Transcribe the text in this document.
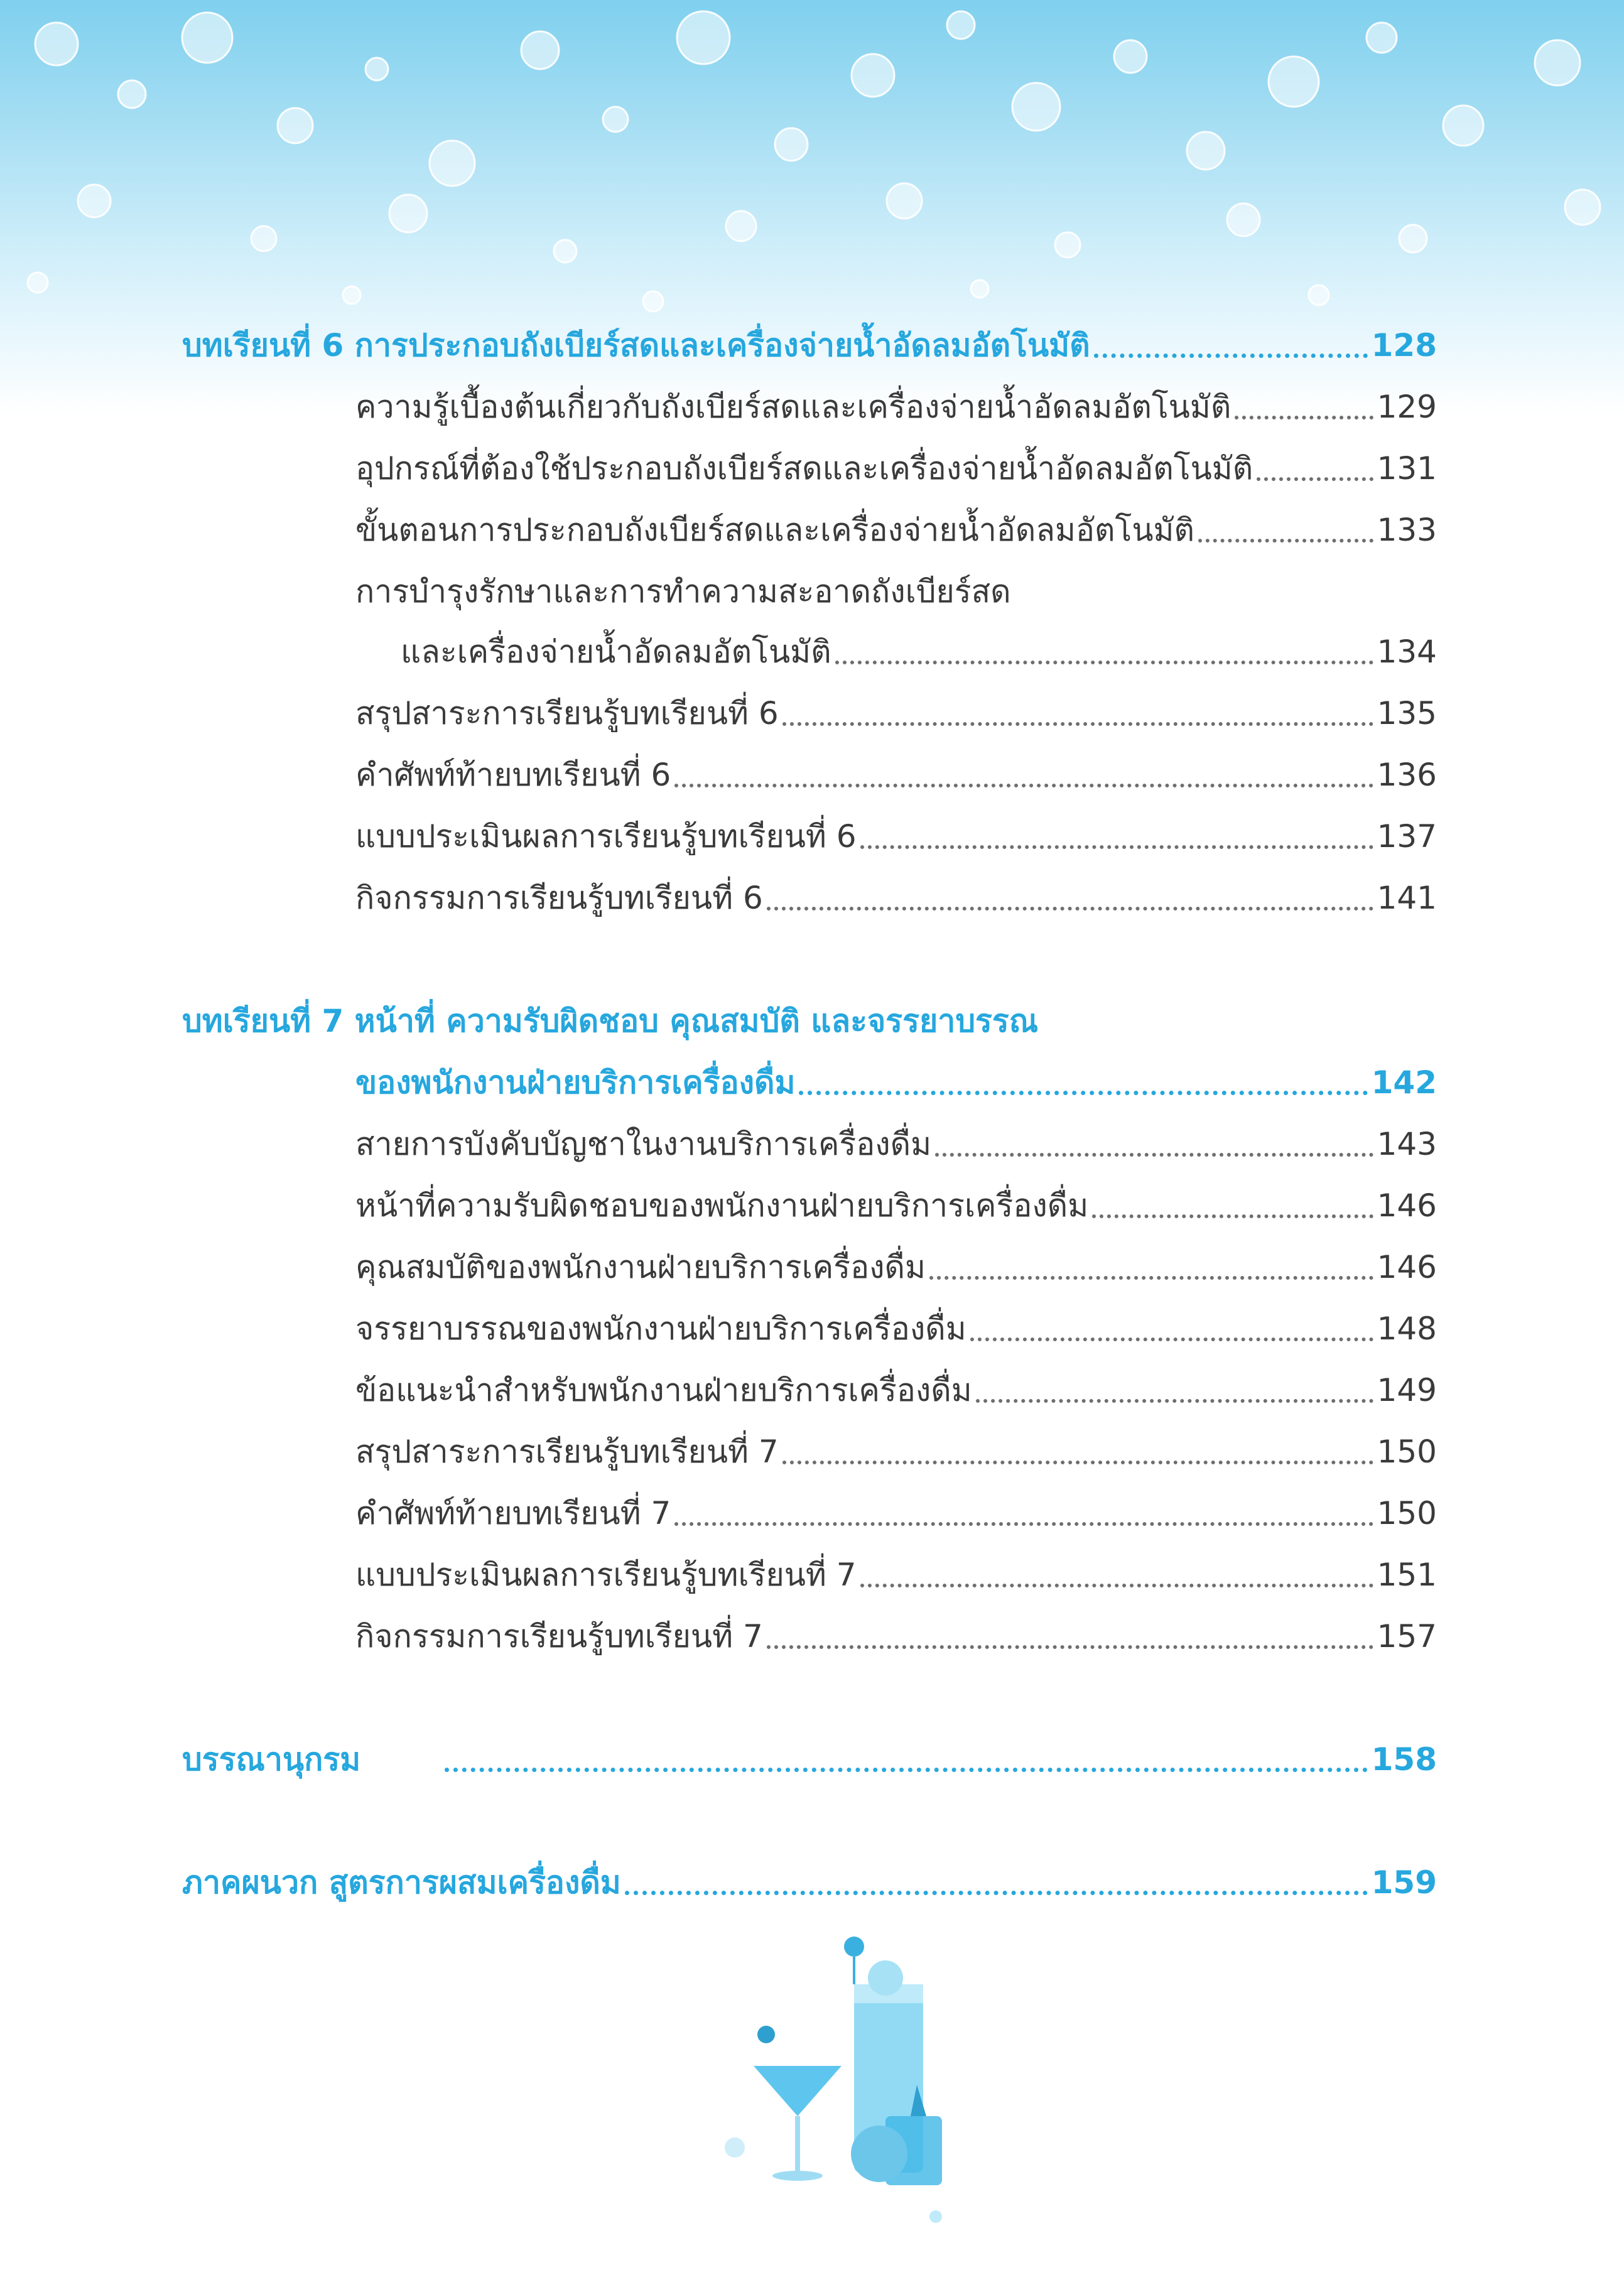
บทเรียนที่ 6 การประกอบถังเบียร์สดและเครื่องจ่ายน้ำอัดลมอัตโนมัติ	128
ความรู้เบื้องต้นเกี่ยวกับถังเบียร์สดและเครื่องจ่ายน้ำอัดลมอัตโนมัติ	129
อุปกรณ์ที่ต้องใช้ประกอบถังเบียร์สดและเครื่องจ่ายน้ำอัดลมอัตโนมัติ	131
ขั้นตอนการประกอบถังเบียร์สดและเครื่องจ่ายน้ำอัดลมอัตโนมัติ	133
การบำรุงรักษาและการทำความสะอาดถังเบียร์สด
และเครื่องจ่ายน้ำอัดลมอัตโนมัติ	134
สรุปสาระการเรียนรู้บทเรียนที่ 6	135
คำศัพท์ท้ายบทเรียนที่ 6	136
แบบประเมินผลการเรียนรู้บทเรียนที่ 6	137
กิจกรรมการเรียนรู้บทเรียนที่ 6	141
บทเรียนที่ 7 หน้าที่ ความรับผิดชอบ คุณสมบัติ และจรรยาบรรณ
ของพนักงานฝ่ายบริการเครื่องดื่ม	142
สายการบังคับบัญชาในงานบริการเครื่องดื่ม	143
หน้าที่ความรับผิดชอบของพนักงานฝ่ายบริการเครื่องดื่ม	146
คุณสมบัติของพนักงานฝ่ายบริการเครื่องดื่ม	146
จรรยาบรรณของพนักงานฝ่ายบริการเครื่องดื่ม	148
ข้อแนะนำสำหรับพนักงานฝ่ายบริการเครื่องดื่ม	149
สรุปสาระการเรียนรู้บทเรียนที่ 7	150
คำศัพท์ท้ายบทเรียนที่ 7	150
แบบประเมินผลการเรียนรู้บทเรียนที่ 7	151
กิจกรรมการเรียนรู้บทเรียนที่ 7	157
บรรณานุกรม	158
ภาคผนวก สูตรการผสมเครื่องดื่ม	159
